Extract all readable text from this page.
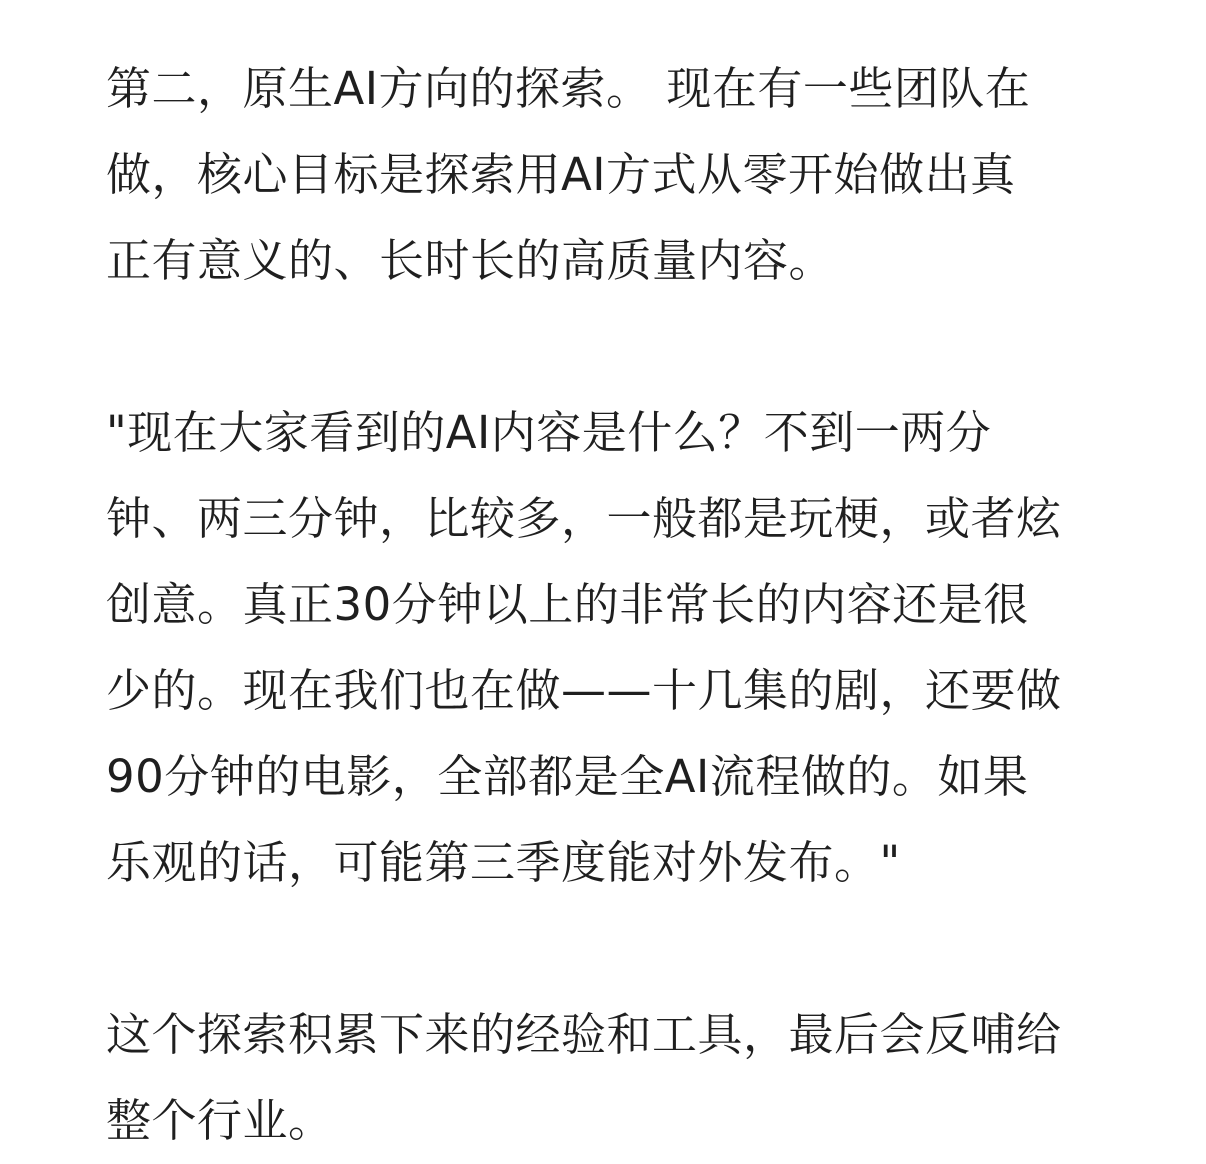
第二，原生AI方向的探索。 现在有一些团队在
做，核心目标是探索用AI方式从零开始做出真
正有意义的、长时长的高质量内容。
"现在大家看到的AI内容是什么？不到一两分
钟、两三分钟，比较多，一般都是玩梗，或者炫
创意。真正30分钟以上的非常长的内容还是很
少的。现在我们也在做——十几集的剧，还要做
90分钟的电影，全部都是全AI流程做的。如果
乐观的话，可能第三季度能对外发布。"
这个探索积累下来的经验和工具，最后会反哺给
整个行业。
